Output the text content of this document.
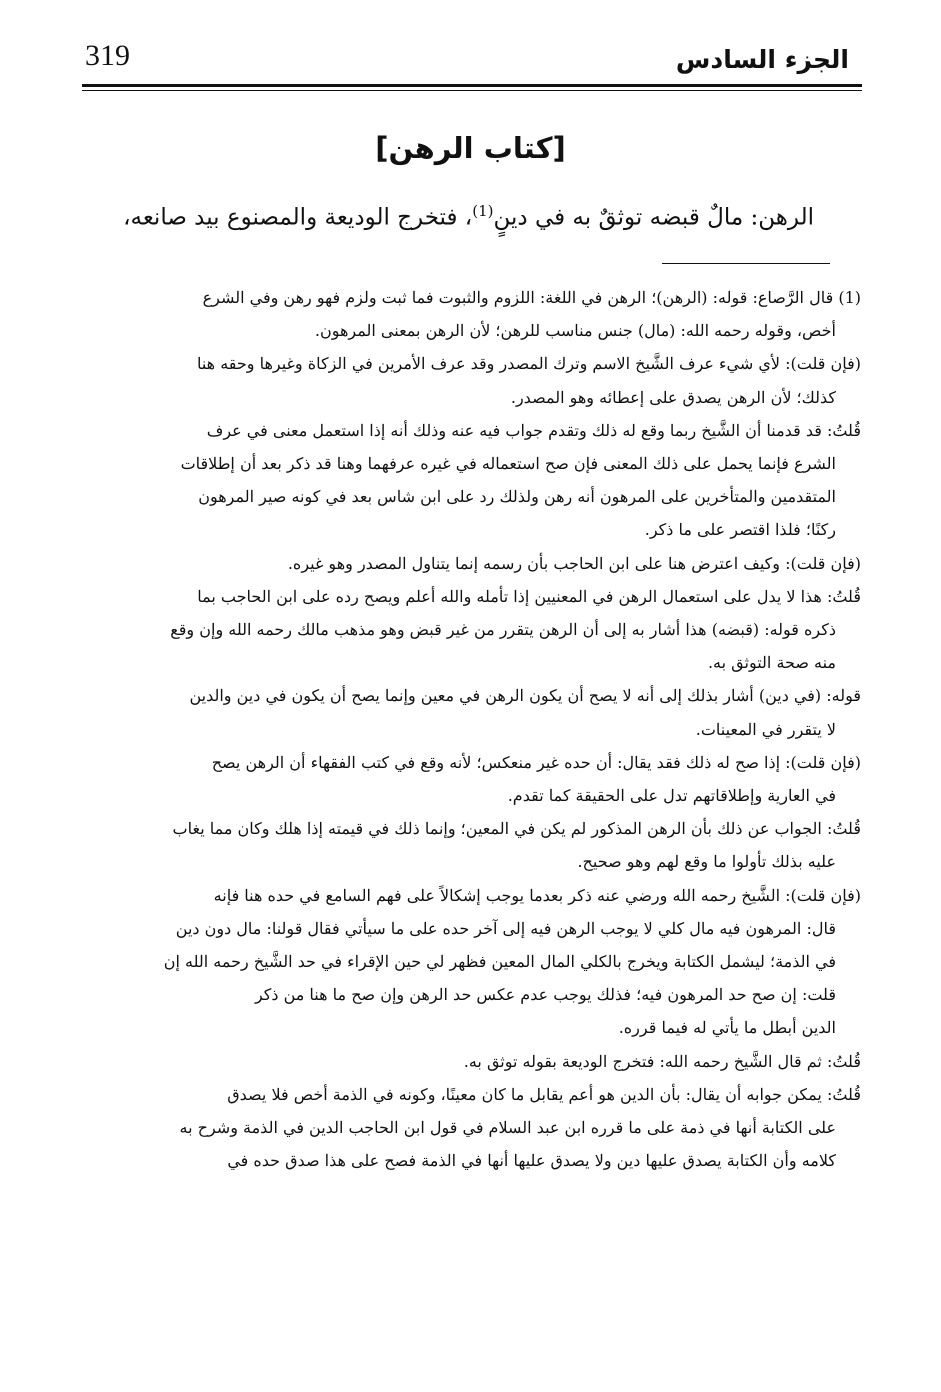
319	الجزء السادس
[كتاب الرهن]
الرهن: مالٌ قبضه توثقٌ به في دينٍ$^{(1)}$، فتخرج الوديعة والمصنوع بيد صانعه،
(1) قال الرَّصاع: قوله: (الرهن)؛ الرهن في اللغة: اللزوم والثبوت فما ثبت ولزم فهو رهن وفي الشرع
أخص، وقوله رحمه الله: (مال) جنس مناسب للرهن؛ لأن الرهن بمعنى المرهون.
(فإن قلت): لأي شيء عرف الشَّيخ الاسم وترك المصدر وقد عرف الأمرين في الزكاة وغيرها وحقه هنا
كذلك؛ لأن الرهن يصدق على إعطائه وهو المصدر.
قُلتُ: قد قدمنا أن الشَّيخ ربما وقع له ذلك وتقدم جواب فيه عنه وذلك أنه إذا استعمل معنى في عرف
الشرع فإنما يحمل على ذلك المعنى فإن صح استعماله في غيره عرفهما وهنا قد ذكر بعد أن إطلاقات
المتقدمين والمتأخرين على المرهون أنه رهن ولذلك رد على ابن شاس بعد في كونه صير المرهون
ركنًا؛ فلذا اقتصر على ما ذكر.
(فإن قلت): وكيف اعترض هنا على ابن الحاجب بأن رسمه إنما يتناول المصدر وهو غيره.
قُلتُ: هذا لا يدل على استعمال الرهن في المعنيين إذا تأمله والله أعلم ويصح رده على ابن الحاجب بما
ذكره قوله: (قبضه) هذا أشار به إلى أن الرهن يتقرر من غير قبض وهو مذهب مالك رحمه الله وإن وقع
منه صحة التوثق به.
قوله: (في دين) أشار بذلك إلى أنه لا يصح أن يكون الرهن في معين وإنما يصح أن يكون في دين والدين
لا يتقرر في المعينات.
(فإن قلت): إذا صح له ذلك فقد يقال: أن حده غير منعكس؛ لأنه وقع في كتب الفقهاء أن الرهن يصح
في العارية وإطلاقاتهم تدل على الحقيقة كما تقدم.
قُلتُ: الجواب عن ذلك بأن الرهن المذكور لم يكن في المعين؛ وإنما ذلك في قيمته إذا هلك وكان مما يغاب
عليه بذلك تأولوا ما وقع لهم وهو صحيح.
(فإن قلت): الشَّيخ رحمه الله ورضي عنه ذكر بعدما يوجب إشكالاً على فهم السامع في حده هنا فإنه
قال: المرهون فيه مال كلي لا يوجب الرهن فيه إلى آخر حده على ما سيأتي فقال قولنا: مال دون دين
في الذمة؛ ليشمل الكتابة ويخرج بالكلي المال المعين فظهر لي حين الإقراء في حد الشَّيخ رحمه الله إن
قلت: إن صح حد المرهون فيه؛ فذلك يوجب عدم عكس حد الرهن وإن صح ما هنا من ذكر
الدين أبطل ما يأتي له فيما قرره.
قُلتُ: ثم قال الشَّيخ رحمه الله: فتخرج الوديعة بقوله توثق به.
قُلتُ: يمكن جوابه أن يقال: بأن الدين هو أعم يقابل ما كان معينًا، وكونه في الذمة أخص فلا يصدق
على الكتابة أنها في ذمة على ما قرره ابن عبد السلام في قول ابن الحاجب الدين في الذمة وشرح به
كلامه وأن الكتابة يصدق عليها دين ولا يصدق عليها أنها في الذمة فصح على هذا صدق حده في
